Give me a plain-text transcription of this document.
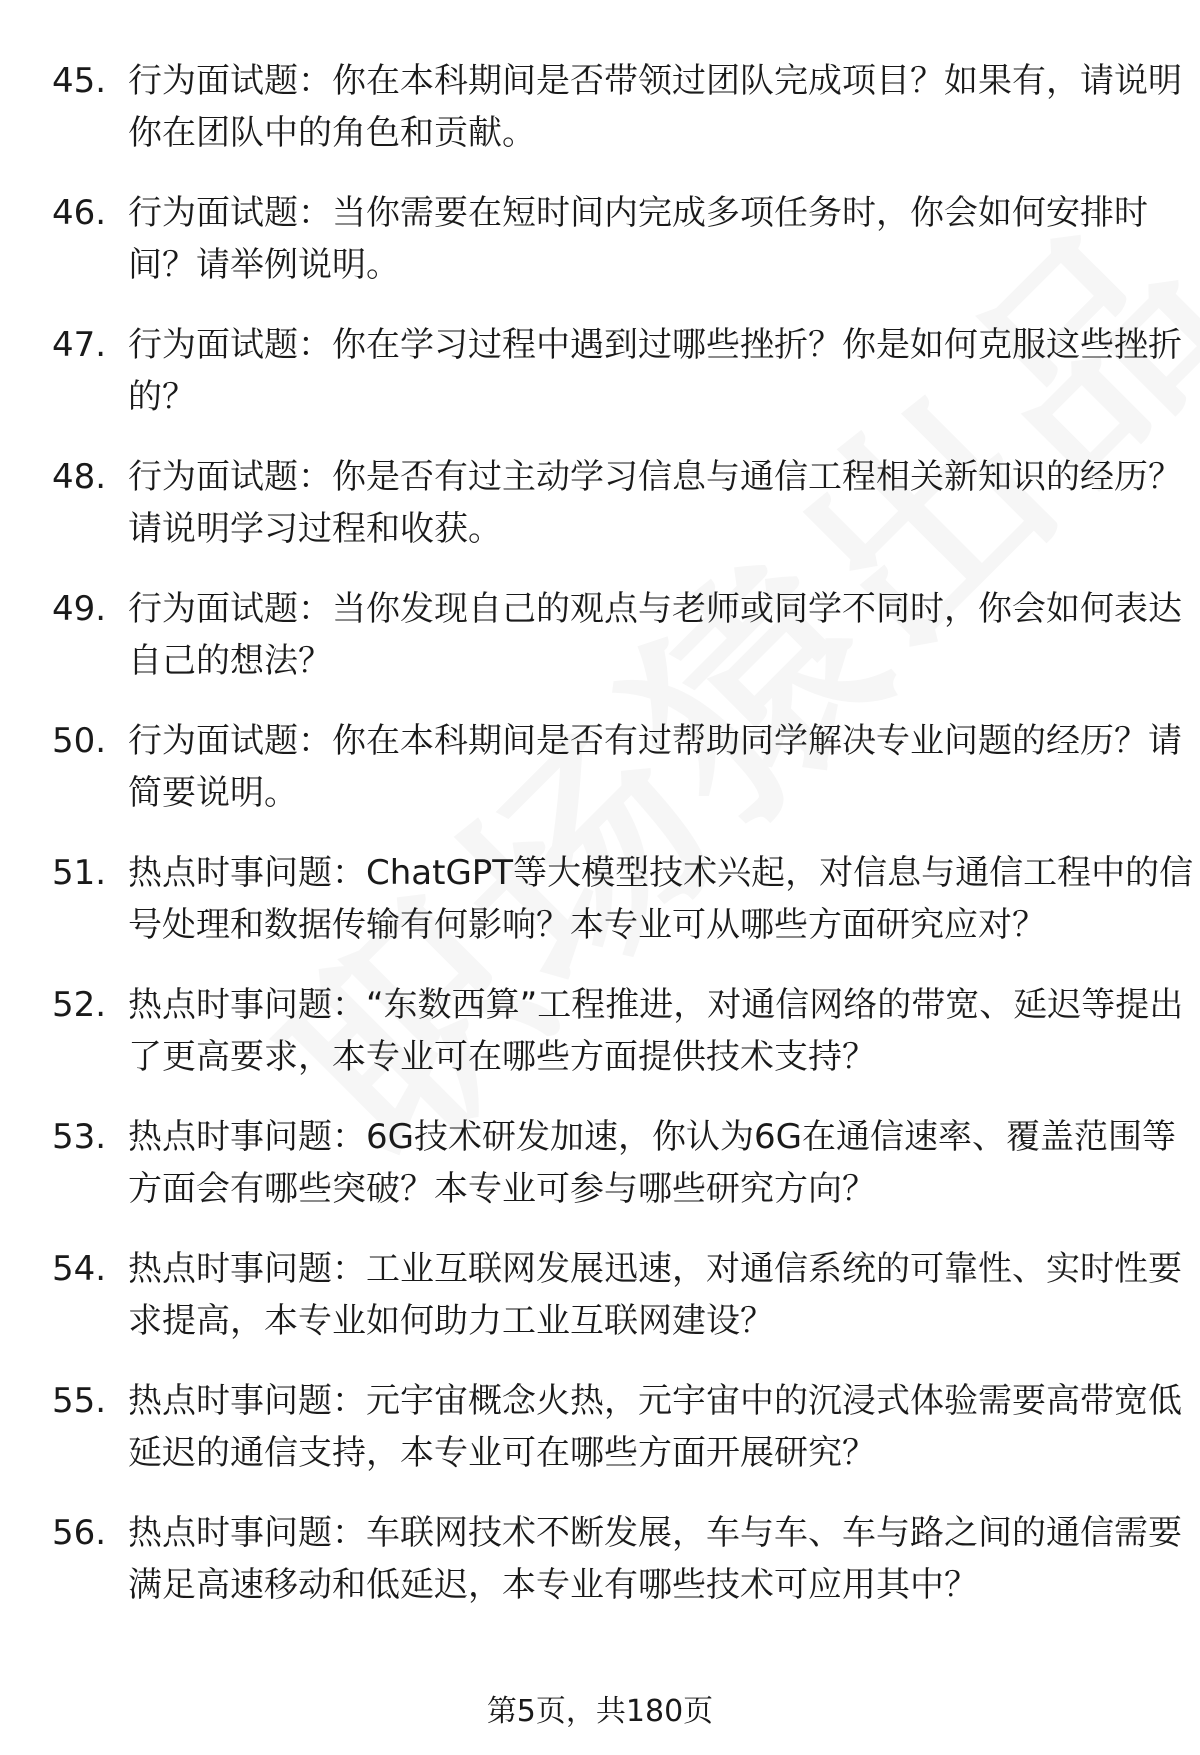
45. 行为面试题：你在本科期间是否带领过团队完成项目？如果有，请说明你在团队中的角色和贡献。
46. 行为面试题：当你需要在短时间内完成多项任务时，你会如何安排时间？请举例说明。
47. 行为面试题：你在学习过程中遇到过哪些挫折？你是如何克服这些挫折的？
48. 行为面试题：你是否有过主动学习信息与通信工程相关新知识的经历？请说明学习过程和收获。
49. 行为面试题：当你发现自己的观点与老师或同学不同时，你会如何表达自己的想法？
50. 行为面试题：你在本科期间是否有过帮助同学解决专业问题的经历？请简要说明。
51. 热点时事问题：ChatGPT等大模型技术兴起，对信息与通信工程中的信号处理和数据传输有何影响？本专业可从哪些方面研究应对？
52. 热点时事问题：“东数西算”工程推进，对通信网络的带宽、延迟等提出了更高要求，本专业可在哪些方面提供技术支持？
53. 热点时事问题：6G技术研发加速，你认为6G在通信速率、覆盖范围等方面会有哪些突破？本专业可参与哪些研究方向？
54. 热点时事问题：工业互联网发展迅速，对通信系统的可靠性、实时性要求提高，本专业如何助力工业互联网建设？
55. 热点时事问题：元宇宙概念火热，元宇宙中的沉浸式体验需要高带宽低延迟的通信支持，本专业可在哪些方面开展研究？
56. 热点时事问题：车联网技术不断发展，车与车、车与路之间的通信需要满足高速移动和低延迟，本专业有哪些技术可应用其中？
第5页，共180页
